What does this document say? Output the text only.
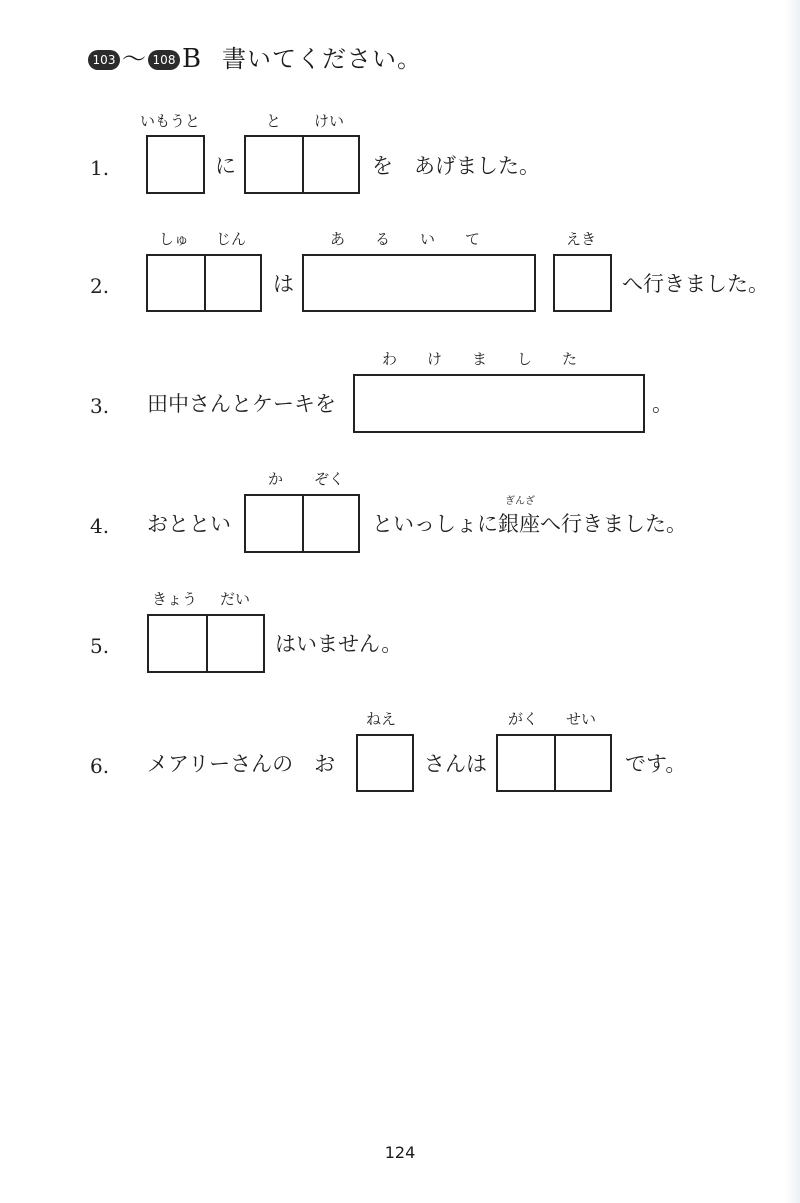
103 ～ 108 B 書いてください。
いもうと	と けい
1.	に	を　あげました。
しゅ じん	あ　　る　　い　　て	えき
2.	は	へ行きました。
わ　　け　　ま　　し　　た
3. 田中さんとケーキを	。
か ぞく
4. おととい
ぎんざ
といっしょに銀座へ行きました。
きょう だい
5.	はいません。
ねえ	がく せい
6. メアリーさんの　お	さんは	です。
124
